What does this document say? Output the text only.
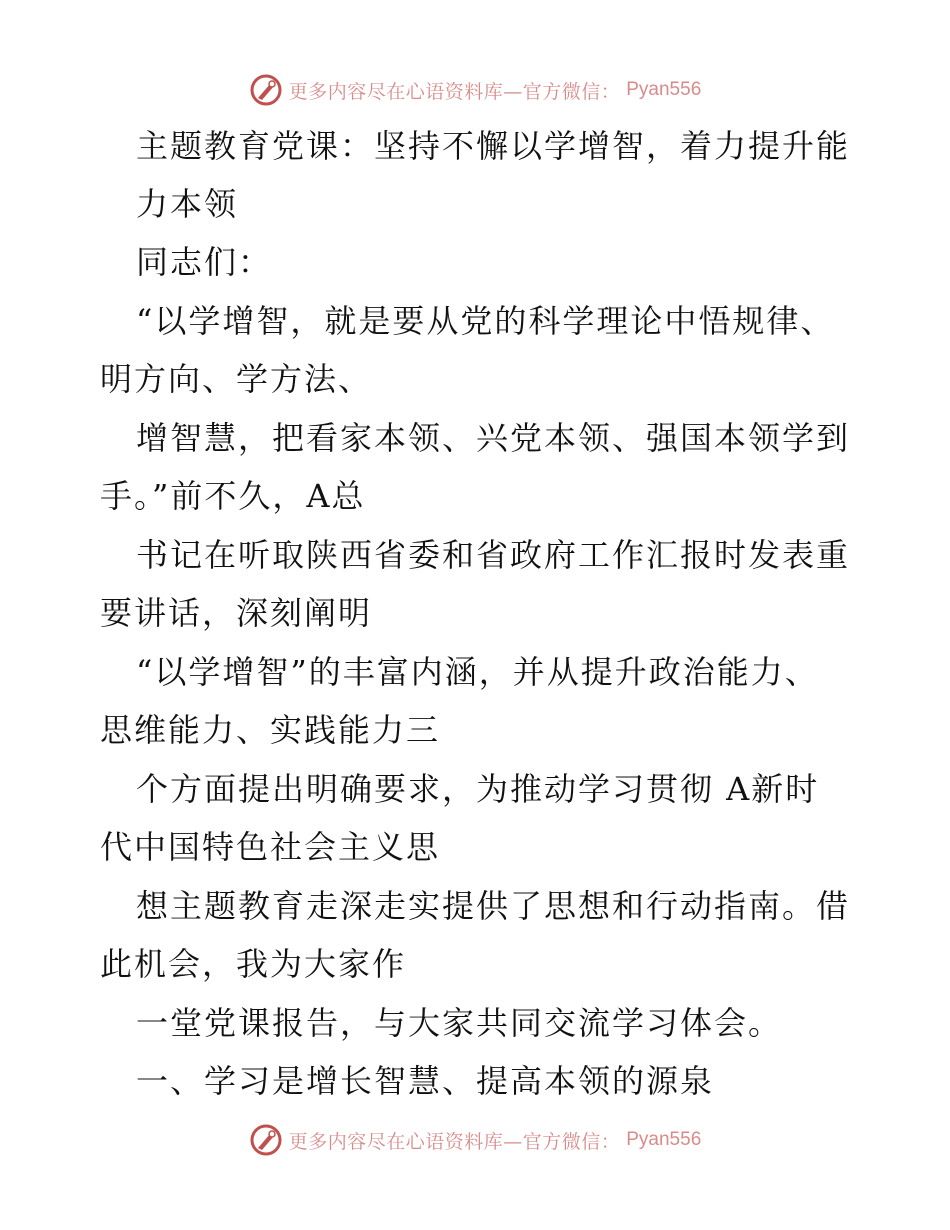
更多内容尽在心语资料库—官方微信： Pyan556
主题教育党课：坚持不懈以学增智，着力提升能
力本领
同志们：
“以学增智，就是要从党的科学理论中悟规律、
明方向、学方法、
增智慧，把看家本领、兴党本领、强国本领学到
手。”前不久，A总
书记在听取陕西省委和省政府工作汇报时发表重
要讲话，深刻阐明
“以学增智”的丰富内涵，并从提升政治能力、
思维能力、实践能力三
个方面提出明确要求，为推动学习贯彻 A新时
代中国特色社会主义思
想主题教育走深走实提供了思想和行动指南。借
此机会，我为大家作
一堂党课报告，与大家共同交流学习体会。
一、学习是增长智慧、提高本领的源泉
更多内容尽在心语资料库—官方微信： Pyan556
